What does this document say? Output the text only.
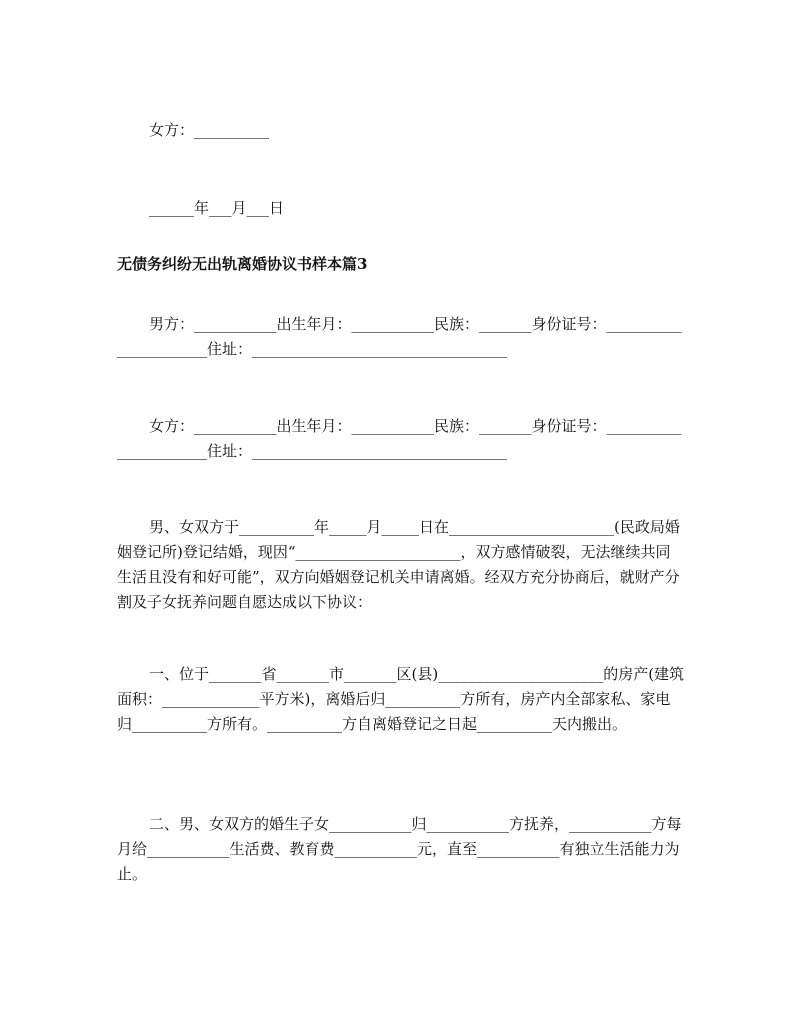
女方：__________

______年___月___日

无债务纠纷无出轨离婚协议书样本篇3

男方：___________出生年月：___________民族：_______身份证号：______________________住址：__________________________________

女方：___________出生年月：___________民族：_______身份证号：______________________住址：__________________________________

男、女双方于__________年_____月_____日在______________________(民政局婚姻登记所)登记结婚，现因“______________________，双方感情破裂，无法继续共同生活且没有和好可能”，双方向婚姻登记机关申请离婚。经双方充分协商后，就财产分割及子女抚养问题自愿达成以下协议：

一、位于_______省_______市_______区(县)______________________的房产(建筑面积：_____________平方米)，离婚后归__________方所有，房产内全部家私、家电归__________方所有。__________方自离婚登记之日起__________天内搬出。

二、男、女双方的婚生子女___________归___________方抚养，___________方每月给___________生活费、教育费___________元，直至___________有独立生活能力为止。
